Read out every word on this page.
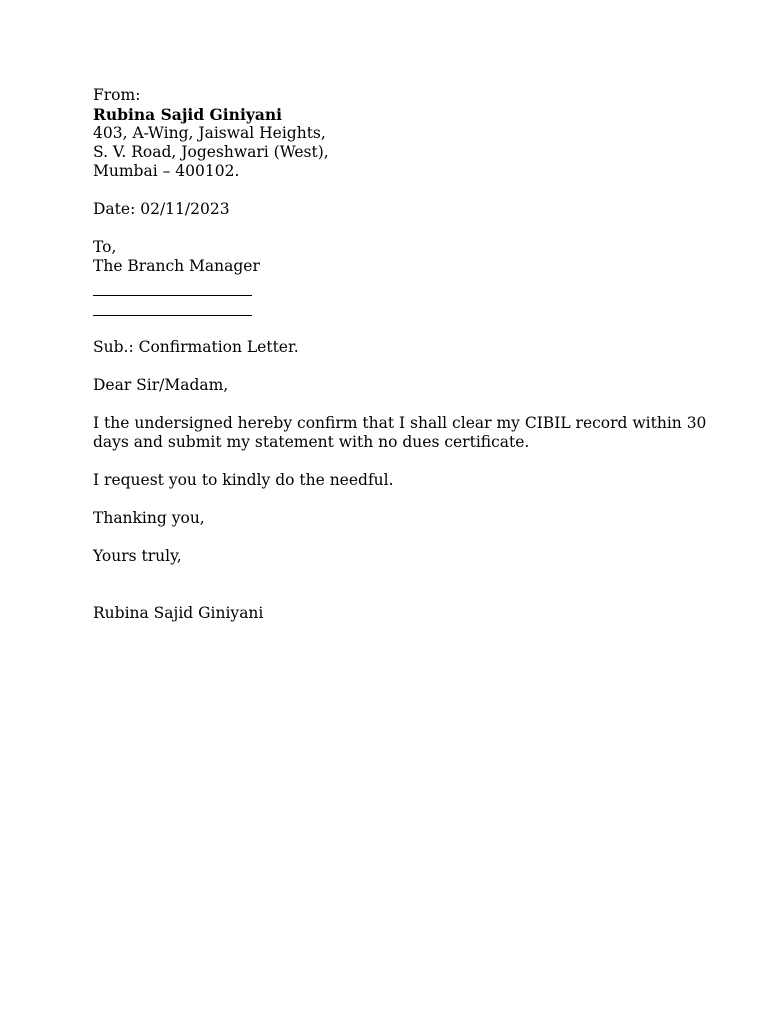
From:
Rubina Sajid Giniyani
403, A-Wing, Jaiswal Heights,
S. V. Road, Jogeshwari (West),
Mumbai – 400102.
Date: 02/11/2023
To,
The Branch Manager
Sub.: Confirmation Letter.
Dear Sir/Madam,
I the undersigned hereby confirm that I shall clear my CIBIL record within 30
days and submit my statement with no dues certificate.
I request you to kindly do the needful.
Thanking you,
Yours truly,
Rubina Sajid Giniyani
